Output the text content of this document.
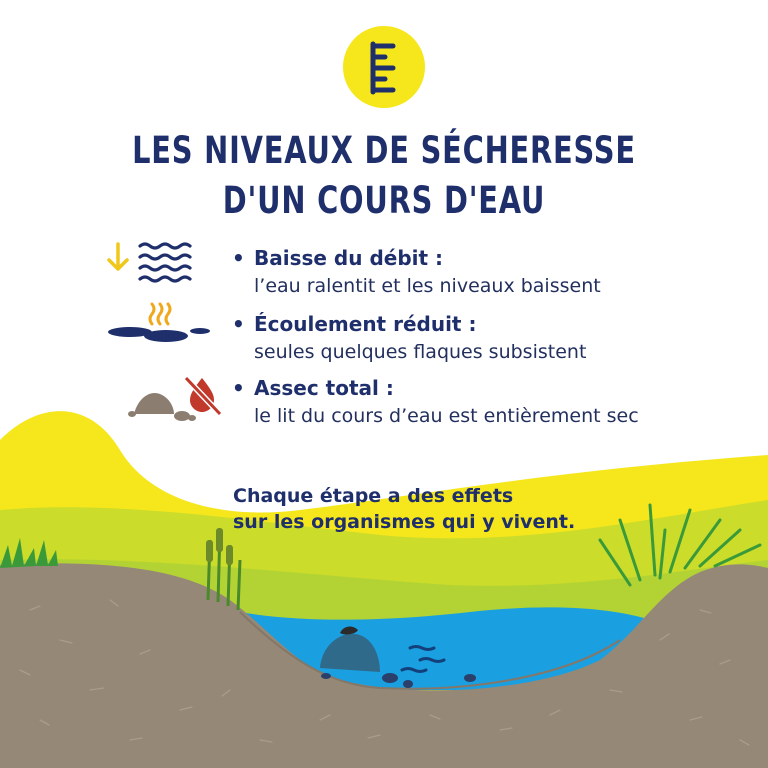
LES NIVEAUX DE SÉCHERESSE
D'UN COURS D'EAU
• Baisse du débit :
l’eau ralentit et les niveaux baissent
• Écoulement réduit :
seules quelques flaques subsistent
• Assec total :
le lit du cours d’eau est entièrement sec
Chaque étape a des effets
sur les organismes qui y vivent.
